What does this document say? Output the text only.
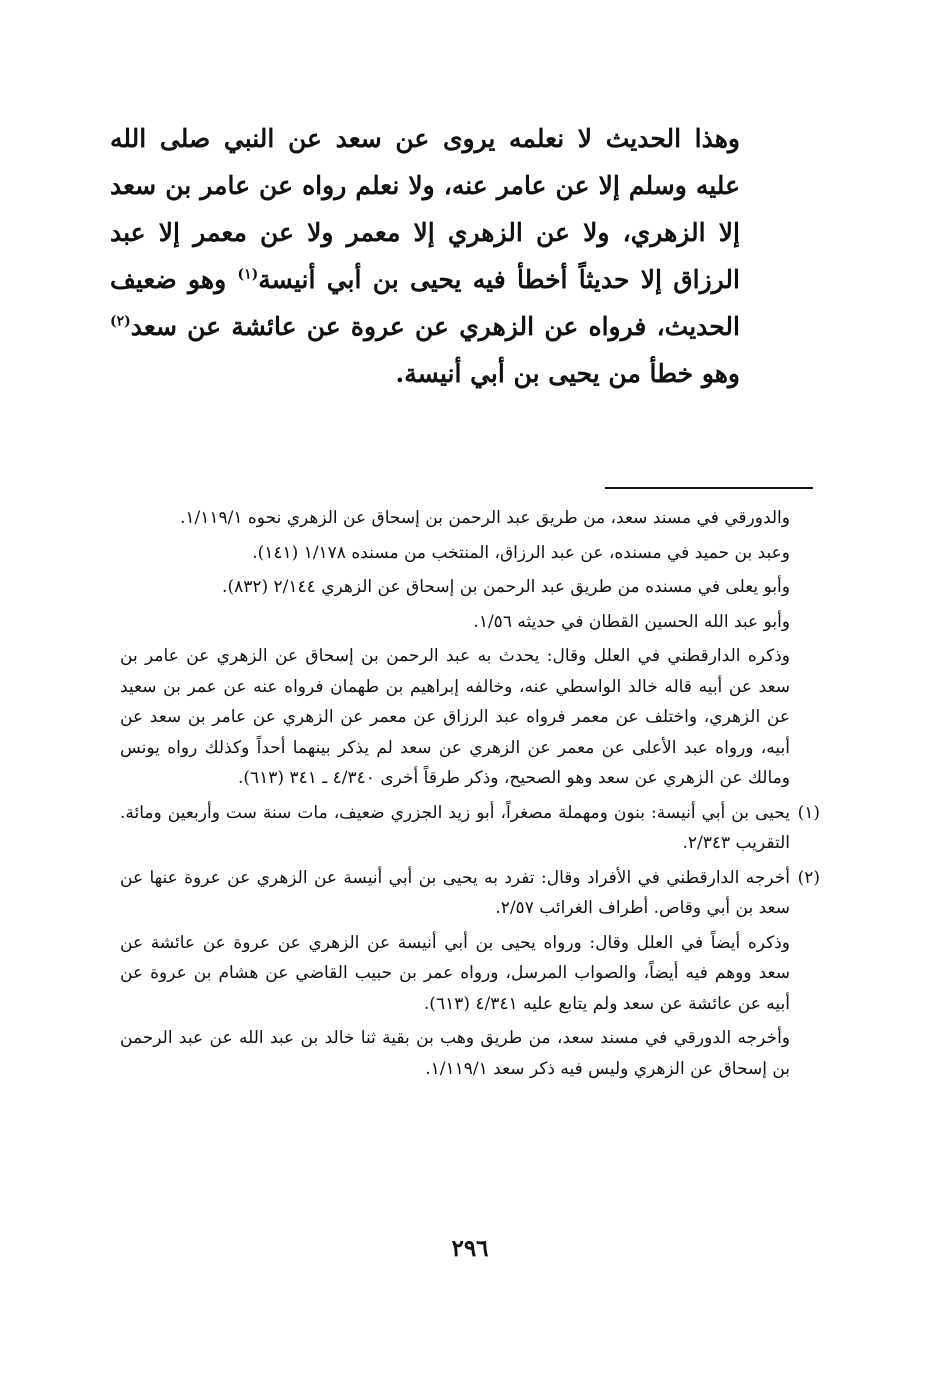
وهذا الحديث لا نعلمه يروى عن سعد عن النبي صلى الله عليه وسلم إلا عن عامر عنه، ولا نعلم رواه عن عامر بن سعد إلا الزهري، ولا عن الزهري إلا معمر ولا عن معمر إلا عبد الرزاق إلا حديثاً أخطأ فيه يحيى بن أبي أنيسة$^{(١)}$ وهو ضعيف الحديث، فرواه عن الزهري عن عروة عن عائشة عن سعد$^{(٢)}$ وهو خطأ من يحيى بن أبي أنيسة.

والدورقي في مسند سعد، من طريق عبد الرحمن بن إسحاق عن الزهري نحوه ١/١١٩/١.

وعبد بن حميد في مسنده، عن عبد الرزاق، المنتخب من مسنده ١/١٧٨ (١٤١).

وأبو يعلى في مسنده من طريق عبد الرحمن بن إسحاق عن الزهري ٢/١٤٤ (٨٣٢).

وأبو عبد الله الحسين القطان في حديثه ١/٥٦.

وذكره الدارقطني في العلل وقال: يحدث به عبد الرحمن بن إسحاق عن الزهري عن عامر بن سعد عن أبيه قاله خالد الواسطي عنه، وخالفه إبراهيم بن طهمان فرواه عنه عن عمر بن سعيد عن الزهري، واختلف عن معمر فرواه عبد الرزاق عن معمر عن الزهري عن عامر بن سعد عن أبيه، ورواه عبد الأعلى عن معمر عن الزهري عن سعد لم يذكر بينهما أحداً وكذلك رواه يونس ومالك عن الزهري عن سعد وهو الصحيح، وذكر طرقاً أخرى ٤/٣٤٠ ـ ٣٤١ (٦١٣).

(١)يحيى بن أبي أنيسة: بنون ومهملة مصغراً، أبو زيد الجزري ضعيف، مات سنة ست وأربعين ومائة. التقريب ٢/٣٤٣.

(٢)أخرجه الدارقطني في الأفراد وقال: تفرد به يحيى بن أبي أنيسة عن الزهري عن عروة عنها عن سعد بن أبي وقاص. أطراف الغرائب ٢/٥٧.

وذكره أيضاً في العلل وقال: ورواه يحيى بن أبي أنيسة عن الزهري عن عروة عن عائشة عن سعد ووهم فيه أيضاً، والصواب المرسل، ورواه عمر بن حبيب القاضي عن هشام بن عروة عن أبيه عن عائشة عن سعد ولم يتابع عليه ٤/٣٤١ (٦١٣).

وأخرجه الدورقي في مسند سعد، من طريق وهب بن بقية ثنا خالد بن عبد الله عن عبد الرحمن بن إسحاق عن الزهري وليس فيه ذكر سعد ١/١١٩/١.

٢٩٦
